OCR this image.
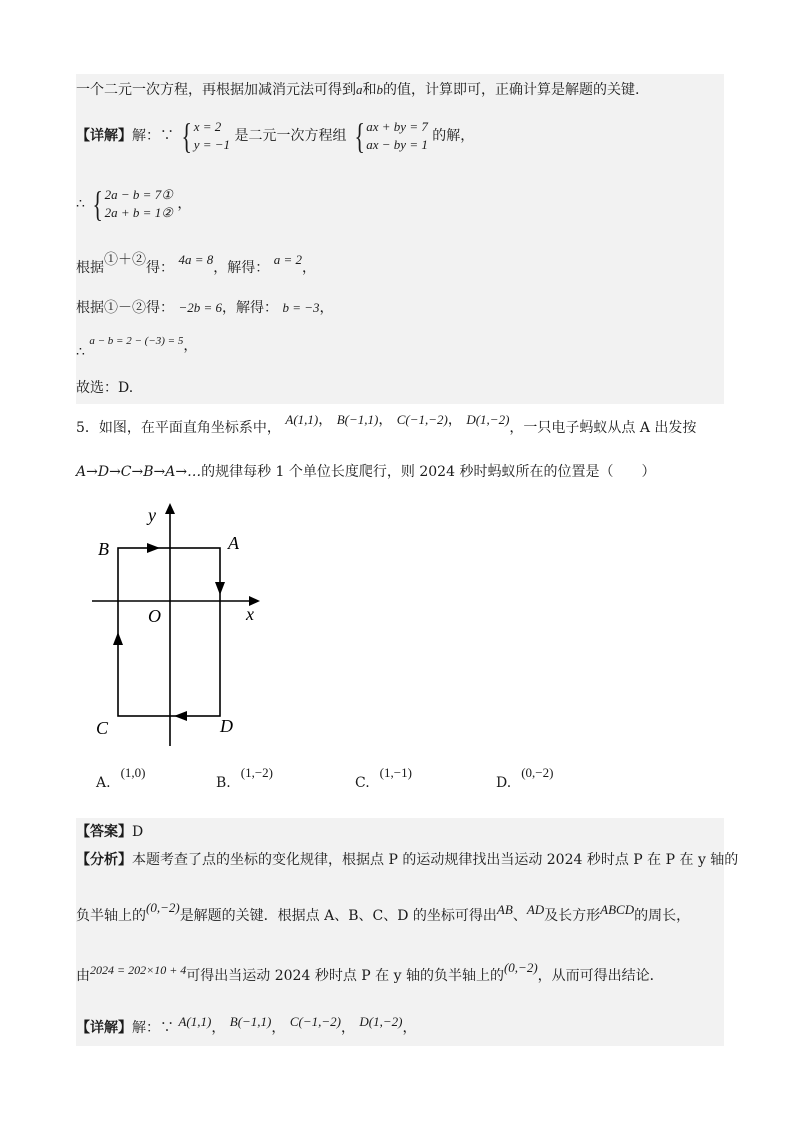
一个二元一次方程，再根据加减消元法可得到a和b的值，计算即可，正确计算是解题的关键.
【详解】解：∵ { x = 2
y = −1
是二元一次方程组 { ax + by = 7
ax − by = 1
的解，
∴ { 2a − b = 7①
2a + b = 1②
，
根据①＋②得： 4a = 8，解得： a = 2，
根据①－②得： −2b = 6，解得： b = −3，
∴ $^{a - b = 2 - (-3) = 5}$，
故选：D.
5．如图，在平面直角坐标系中， A(1,1)， B(−1,1)， C(−1,−2)， D(1,−2)，一只电子蚂蚁从点 A 出发按
A→D→C→B→A→…的规律每秒 1 个单位长度爬行，则 2024 秒时蚂蚁所在的位置是（　　）
y
x
O
A
B
C	D
A.(1,0)
B.(1,−2)
C.(1,−1)
D.(0,−2)
【答案】D
【分析】本题考查了点的坐标的变化规律，根据点 P 的运动规律找出当运动 2024 秒时点 P 在 P 在 y 轴的
负半轴上的(0,−2)是解题的关键．根据点 A、B、C、D 的坐标可得出AB、AD及长方形ABCD的周长，
由2024 = 202×10 + 4可得出当运动 2024 秒时点 P 在 y 轴的负半轴上的(0,−2)，从而可得出结论．
【详解】解：∵ A(1,1)， B(−1,1)， C(−1,−2)， D(1,−2)，
